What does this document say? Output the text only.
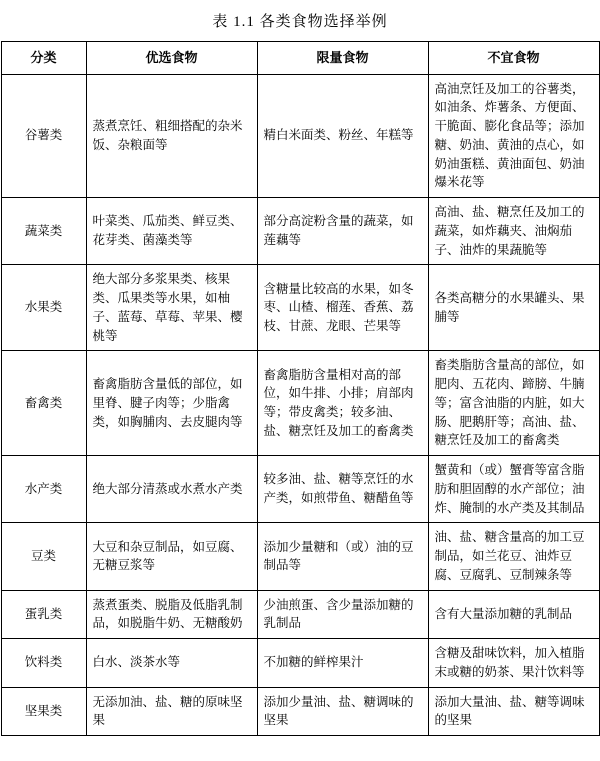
表 1.1 各类食物选择举例
分类	优选食物	限量食物	不宜食物
谷薯类	蒸煮烹饪、粗细搭配的杂米饭、杂粮面等	精白米面类、粉丝、年糕等	高油烹饪及加工的谷薯类，如油条、炸薯条、方便面、干脆面、膨化食品等；添加糖、奶油、黄油的点心，如奶油蛋糕、黄油面包、奶油爆米花等
蔬菜类	叶菜类、瓜茄类、鲜豆类、花芽类、菌藻类等	部分高淀粉含量的蔬菜，如莲藕等	高油、盐、糖烹任及加工的蔬菜，如炸藕夹、油焖茄子、油炸的果蔬脆等
水果类	绝大部分多浆果类、核果类、瓜果类等水果，如柚子、蓝莓、草莓、苹果、樱桃等	含糖量比较高的水果，如冬枣、山楂、榴莲、香蕉、荔枝、甘蔗、龙眼、芒果等	各类高糖分的水果罐头、果脯等
畜禽类	畜禽脂肪含量低的部位，如里脊、腱子肉等；少脂禽类，如胸脯肉、去皮腿肉等	畜禽脂肪含量相对高的部位，如牛排、小排；肩部肉等；带皮禽类；较多油、盐、糖烹饪及加工的畜禽类	畜类脂肪含量高的部位，如肥肉、五花肉、蹄膀、牛腩等；富含油脂的内脏，如大肠、肥鹅肝等；高油、盐、糖烹饪及加工的畜禽类
水产类	绝大部分清蒸或水煮水产类	较多油、盐、糖等烹饪的水产类，如煎带鱼、糖醋鱼等	蟹黄和（或）蟹膏等富含脂肪和胆固醇的水产部位；油炸、腌制的水产类及其制品
豆类	大豆和杂豆制品，如豆腐、无糖豆浆等	添加少量糖和（或）油的豆制品等	油、盐、糖含量高的加工豆制品，如兰花豆、油炸豆腐、豆腐乳、豆制辣条等
蛋乳类	蒸煮蛋类、脱脂及低脂乳制品，如脱脂牛奶、无糖酸奶	少油煎蛋、含少量添加糖的乳制品	含有大量添加糖的乳制品
饮料类	白水、淡茶水等	不加糖的鲜榨果汁	含糖及甜味饮料，加入植脂末或糖的奶茶、果汁饮料等
坚果类	无添加油、盐、糖的原味坚果	添加少量油、盐、糖调味的坚果	添加大量油、盐、糖等调味的坚果
